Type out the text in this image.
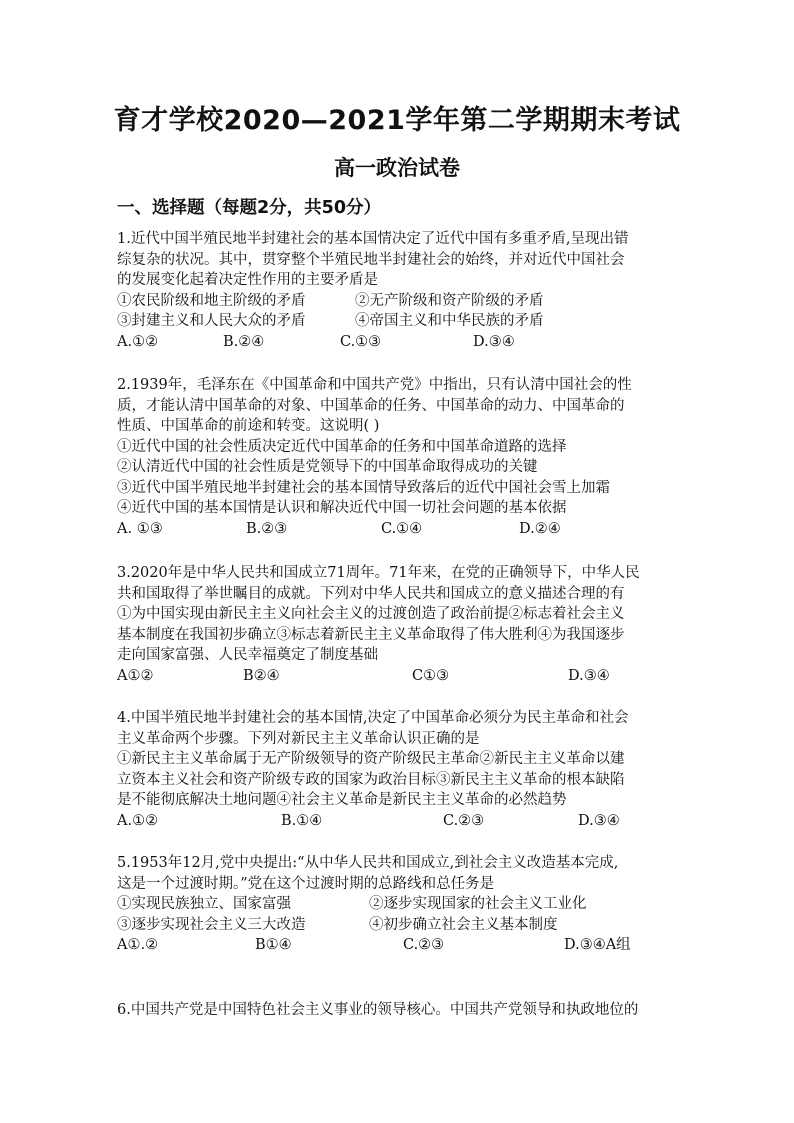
育才学校2020—2021学年第二学期期末考试
高一政治试卷
一、选择题（每题2分，共50分）
1.近代中国半殖民地半封建社会的基本国情决定了近代中国有多重矛盾,呈现出错
综复杂的状况。其中，贯穿整个半殖民地半封建社会的始终，并对近代中国社会
的发展变化起着决定性作用的主要矛盾是
①农民阶级和地主阶级的矛盾	②无产阶级和资产阶级的矛盾
③封建主义和人民大众的矛盾	④帝国主义和中华民族的矛盾
A.①②	B.②④	C.①③	D.③④
2.1939年，毛泽东在《中国革命和中国共产党》中指出，只有认清中国社会的性
质，才能认清中国革命的对象、中国革命的任务、中国革命的动力、中国革命的
性质、中国革命的前途和转变。这说明( )
①近代中国的社会性质决定近代中国革命的任务和中国革命道路的选择
②认清近代中国的社会性质是党领导下的中国革命取得成功的关键
③近代中国半殖民地半封建社会的基本国情导致落后的近代中国社会雪上加霜
④近代中国的基本国情是认识和解决近代中国一切社会问题的基本依据
A. ①③	B.②③	C.①④	D.②④
3.2020年是中华人民共和国成立71周年。71年来，在党的正确领导下，中华人民
共和国取得了举世瞩目的成就。下列对中华人民共和国成立的意义描述合理的有
①为中国实现由新民主主义向社会主义的过渡创造了政治前提②标志着社会主义
基本制度在我国初步确立③标志着新民主主义革命取得了伟大胜利④为我国逐步
走向国家富强、人民幸福奠定了制度基础
A①②	B②④	C①③	D.③④
4.中国半殖民地半封建社会的基本国情,决定了中国革命必须分为民主革命和社会
主义革命两个步骤。下列对新民主主义革命认识正确的是
①新民主主义革命属于无产阶级领导的资产阶级民主革命②新民主主义革命以建
立资本主义社会和资产阶级专政的国家为政治目标③新民主主义革命的根本缺陷
是不能彻底解决土地问题④社会主义革命是新民主主义革命的必然趋势
A.①②	B.①④	C.②③	D.③④
5.1953年12月,党中央提出:“从中华人民共和国成立,到社会主义改造基本完成,
这是一个过渡时期。”党在这个过渡时期的总路线和总任务是
①实现民族独立、国家富强	②逐步实现国家的社会主义工业化
③逐步实现社会主义三大改造	④初步确立社会主义基本制度
A①.②	B①④	C.②③	D.③④A组
6.中国共产党是中国特色社会主义事业的领导核心。中国共产党领导和执政地位的
